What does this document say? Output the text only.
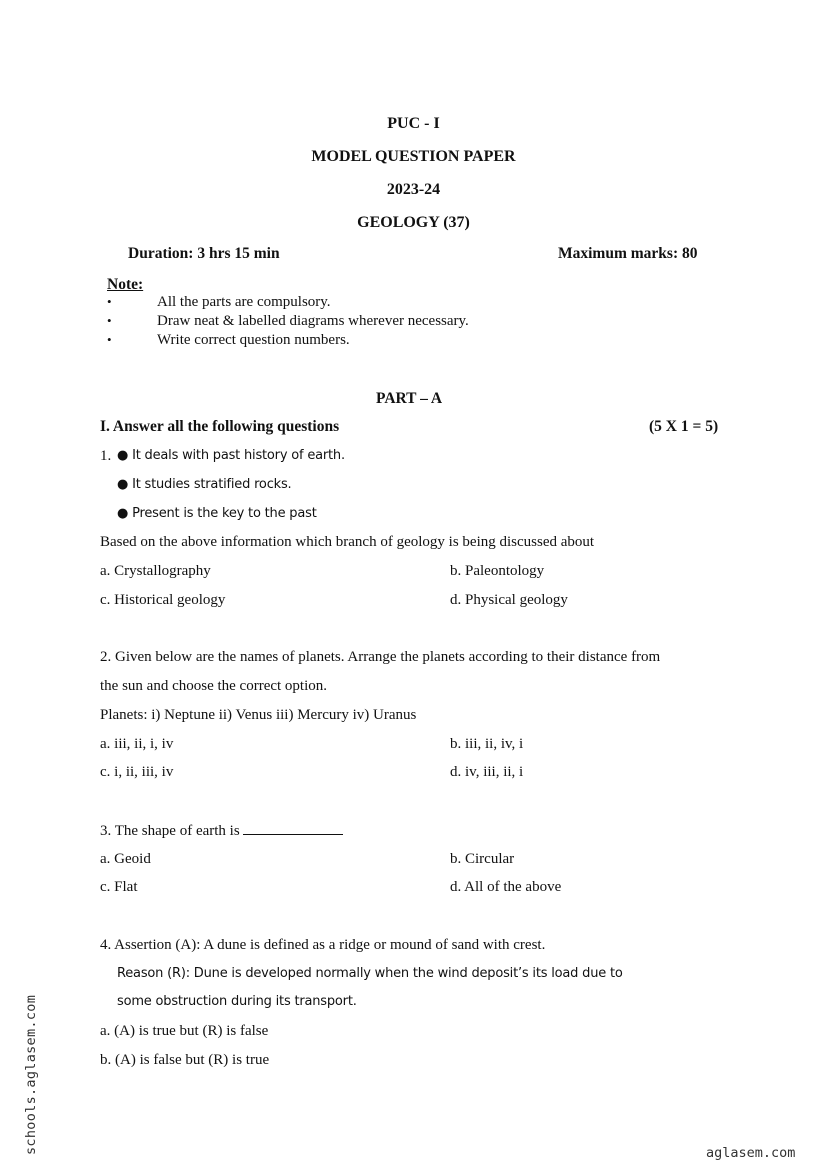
PUC - I
MODEL QUESTION PAPER
2023-24
GEOLOGY (37)
Duration: 3 hrs 15 min	Maximum marks: 80
Note:
•	All the parts are compulsory.
•	Draw neat & labelled diagrams wherever necessary.
•	Write correct question numbers.
PART – A
I. Answer all the following questions	(5 X 1 = 5)
1. ● It deals with past history of earth.
● It studies stratified rocks.
● Present is the key to the past
Based on the above information which branch of geology is being discussed about
a. Crystallography	b. Paleontology
c. Historical geology	d. Physical geology
2. Given below are the names of planets. Arrange the planets according to their distance from
the sun and choose the correct option.
Planets: i) Neptune ii) Venus iii) Mercury iv) Uranus
a. iii, ii, i, iv	b. iii, ii, iv, i
c. i, ii, iii, iv	d. iv, iii, ii, i
3. The shape of earth is
a. Geoid	b. Circular
c. Flat	d. All of the above
4. Assertion (A): A dune is defined as a ridge or mound of sand with crest.
Reason (R): Dune is developed normally when the wind deposit’s its load due to
some obstruction during its transport.
a. (A) is true but (R) is false
b. (A) is false but (R) is true
schools.aglasem.com	aglasem.com
